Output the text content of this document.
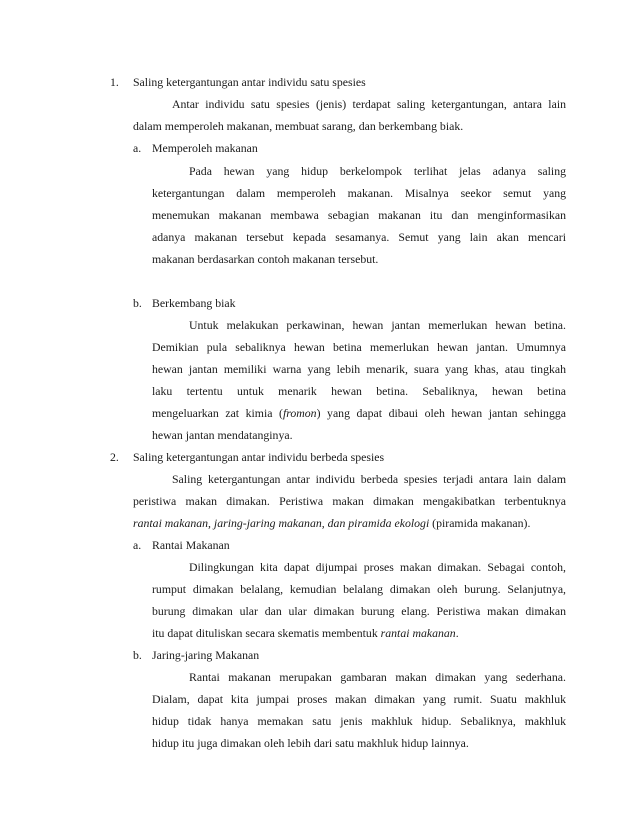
1. Saling ketergantungan antar individu satu spesies
Antar individu satu spesies (jenis) terdapat saling ketergantungan, antara lain
dalam memperoleh makanan, membuat sarang, dan berkembang biak.
a. Memperoleh makanan
Pada hewan yang hidup berkelompok terlihat jelas adanya saling
ketergantungan dalam memperoleh makanan. Misalnya seekor semut yang
menemukan makanan membawa sebagian makanan itu dan menginformasikan
adanya makanan tersebut kepada sesamanya. Semut yang lain akan mencari
makanan berdasarkan contoh makanan tersebut.
b. Berkembang biak
Untuk melakukan perkawinan, hewan jantan memerlukan hewan betina.
Demikian pula sebaliknya hewan betina memerlukan hewan jantan. Umumnya
hewan jantan memiliki warna yang lebih menarik, suara yang khas, atau tingkah
laku tertentu untuk menarik hewan betina. Sebaliknya, hewan betina
mengeluarkan zat kimia (fromon) yang dapat dibaui oleh hewan jantan sehingga
hewan jantan mendatanginya.
2. Saling ketergantungan antar individu berbeda spesies
Saling ketergantungan antar individu berbeda spesies terjadi antara lain dalam
peristiwa makan dimakan. Peristiwa makan dimakan mengakibatkan terbentuknya
rantai makanan, jaring-jaring makanan, dan piramida ekologi (piramida makanan).
a. Rantai Makanan
Dilingkungan kita dapat dijumpai proses makan dimakan. Sebagai contoh,
rumput dimakan belalang, kemudian belalang dimakan oleh burung. Selanjutnya,
burung dimakan ular dan ular dimakan burung elang. Peristiwa makan dimakan
itu dapat dituliskan secara skematis membentuk rantai makanan.
b. Jaring-jaring Makanan
Rantai makanan merupakan gambaran makan dimakan yang sederhana.
Dialam, dapat kita jumpai proses makan dimakan yang rumit. Suatu makhluk
hidup tidak hanya memakan satu jenis makhluk hidup. Sebaliknya, makhluk
hidup itu juga dimakan oleh lebih dari satu makhluk hidup lainnya.
